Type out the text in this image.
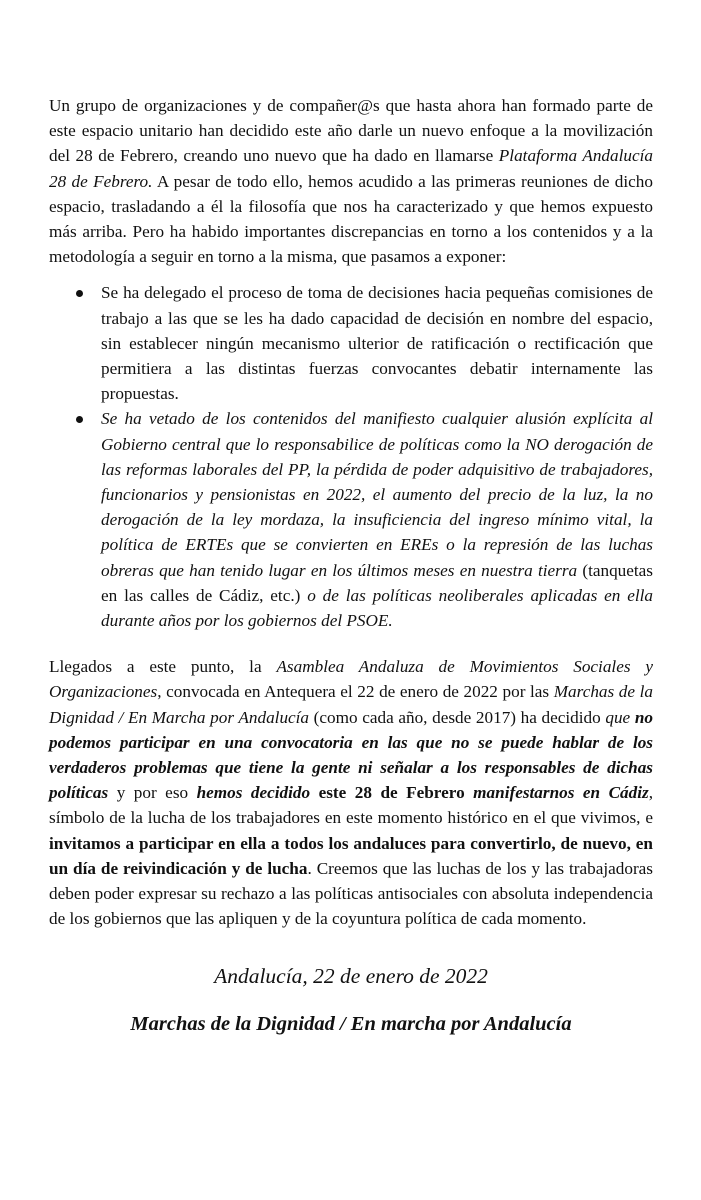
Un grupo de organizaciones y de compañer@s que hasta ahora han formado parte de este espacio unitario han decidido este año darle un nuevo enfoque a la movilización del 28 de Febrero, creando uno nuevo que ha dado en llamarse Plataforma Andalucía 28 de Febrero. A pesar de todo ello, hemos acudido a las primeras reuniones de dicho espacio, trasladando a él la filosofía que nos ha caracterizado y que hemos expuesto más arriba. Pero ha habido importantes discrepancias en torno a los contenidos y a la metodología a seguir en torno a la misma, que pasamos a exponer:

Se ha delegado el proceso de toma de decisiones hacia pequeñas comisiones de trabajo a las que se les ha dado capacidad de decisión en nombre del espacio, sin establecer ningún mecanismo ulterior de ratificación o rectificación que permitiera a las distintas fuerzas convocantes debatir internamente las propuestas.
Se ha vetado de los contenidos del manifiesto cualquier alusión explícita al Gobierno central que lo responsabilice de políticas como la NO derogación de las reformas laborales del PP, la pérdida de poder adquisitivo de trabajadores, funcionarios y pensionistas en 2022, el aumento del precio de la luz, la no derogación de la ley mordaza, la insuficiencia del ingreso mínimo vital, la política de ERTEs que se convierten en EREs o la represión de las luchas obreras que han tenido lugar en los últimos meses en nuestra tierra (tanquetas en las calles de Cádiz, etc.) o de las políticas neoliberales aplicadas en ella durante años por los gobiernos del PSOE.

Llegados a este punto, la Asamblea Andaluza de Movimientos Sociales y Organizaciones, convocada en Antequera el 22 de enero de 2022 por las Marchas de la Dignidad / En Marcha por Andalucía (como cada año, desde 2017) ha decidido que no podemos participar en una convocatoria en las que no se puede hablar de los verdaderos problemas que tiene la gente ni señalar a los responsables de dichas políticas y por eso hemos decidido este 28 de Febrero manifestarnos en Cádiz, símbolo de la lucha de los trabajadores en este momento histórico en el que vivimos, e invitamos a participar en ella a todos los andaluces para convertirlo, de nuevo, en un día de reivindicación y de lucha. Creemos que las luchas de los y las trabajadoras deben poder expresar su rechazo a las políticas antisociales con absoluta independencia de los gobiernos que las apliquen y de la coyuntura política de cada momento.

Andalucía, 22 de enero de 2022

Marchas de la Dignidad / En marcha por Andalucía
